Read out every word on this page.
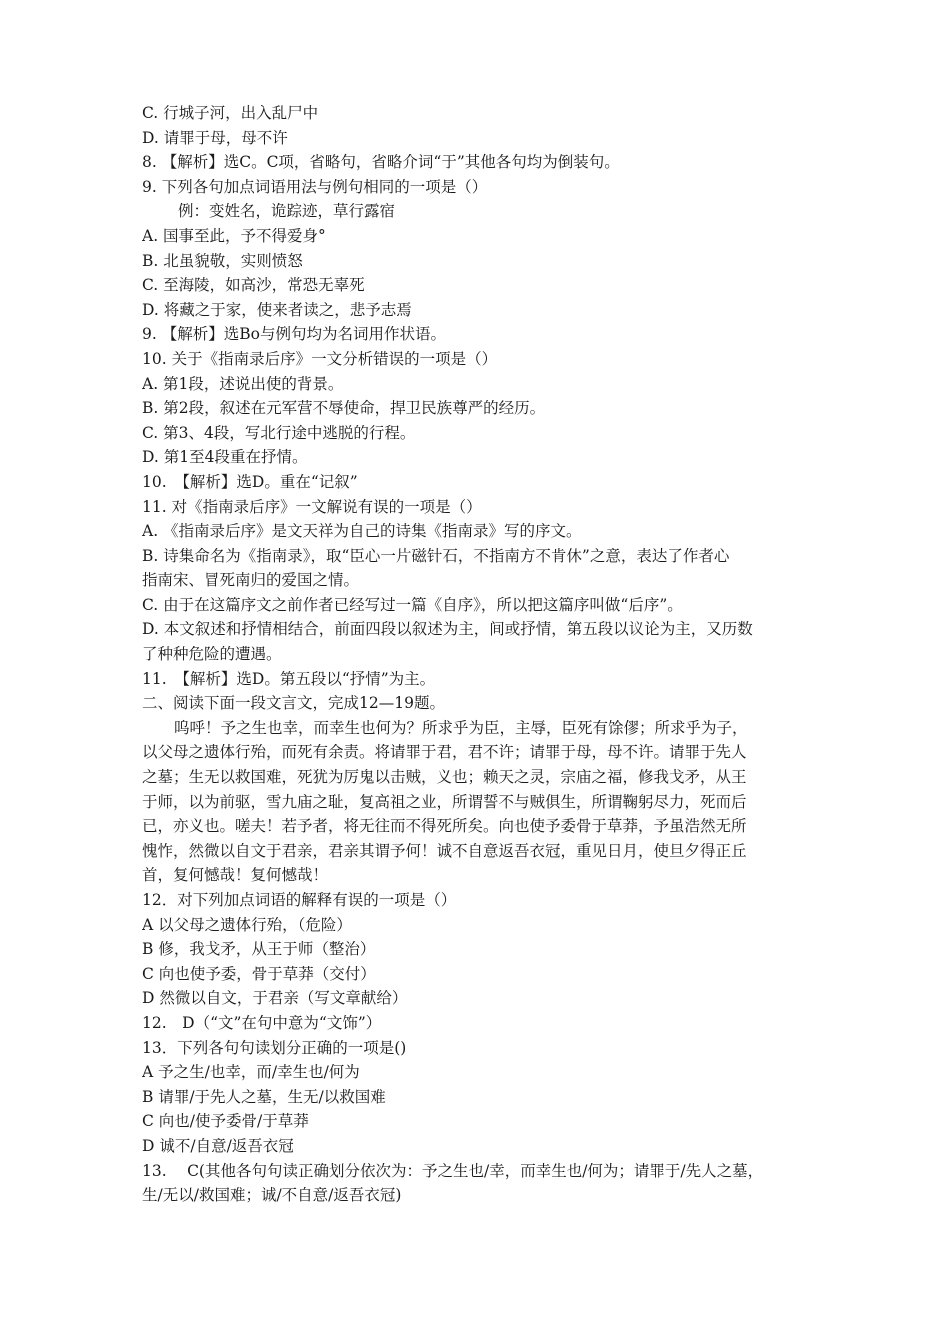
C. 行城子河，出入乱尸中
D. 请罪于母，母不许
8. 【解析】选C。C项，省略句，省略介词“于”其他各句均为倒装句。
9. 下列各句加点词语用法与例句相同的一项是（）
例：变姓名，诡踪迹，草行露宿
A. 国事至此，予不得爱身°
B. 北虽貌敬，实则愤怒
C. 至海陵，如高沙，常恐无辜死
D. 将藏之于家，使来者读之，悲予志焉
9. 【解析】选Bo与例句均为名词用作状语。
10. 关于《指南录后序》一文分析错误的一项是（）
A. 第1段，述说出使的背景。
B. 第2段，叙述在元军营不辱使命，捍卫民族尊严的经历。
C. 第3、4段，写北行途中逃脱的行程。
D. 第1至4段重在抒情。
10.　【解析】选D。重在“记叙”
11. 对《指南录后序》一文解说有误的一项是（）
A. 《指南录后序》是文天祥为自己的诗集《指南录》写的序文。
B. 诗集命名为《指南录》，取“臣心一片磁针石，不指南方不肯休”之意，表达了作者心
指南宋、冒死南归的爱国之情。
C. 由于在这篇序文之前作者已经写过一篇《自序》，所以把这篇序叫做“后序”。
D. 本文叙述和抒情相结合，前面四段以叙述为主，间或抒情，第五段以议论为主，又历数
了种种危险的遭遇。
11.　【解析】选D。第五段以“抒情”为主。
二、阅读下面一段文言文，完成12—19题。
呜呼！予之生也幸，而幸生也何为？所求乎为臣，主辱，臣死有馀僇；所求乎为子，
以父母之遗体行殆，而死有余责。将请罪于君，君不许；请罪于母，母不许。请罪于先人
之墓；生无以救国难，死犹为厉鬼以击贼，义也；赖天之灵，宗庙之福，修我戈矛，从王
于师，以为前驱，雪九庙之耻，复高祖之业，所谓誓不与贼俱生，所谓鞠躬尽力，死而后
已，亦义也。嗟夫！若予者，将无往而不得死所矣。向也使予委骨于草莽，予虽浩然无所
愧怍，然微以自文于君亲，君亲其谓予何！诚不自意返吾衣冠，重见日月，使旦夕得正丘
首，复何憾哉！复何憾哉！
12．对下列加点词语的解释有误的一项是（）
A 以父母之遗体行殆，（危险）
B 修，我戈矛，从王于师（整治）
C 向也使予委，骨于草莽（交付）
D 然微以自文，于君亲（写文章献给）
12.　D（“文”在句中意为“文饰”）
13．下列各句句读划分正确的一项是()
A 予之生/也幸，而/幸生也/何为
B 请罪/于先人之墓，生无/以救国难
C 向也/使予委骨/于草莽
D 诚不/自意/返吾衣冠
13.　 C(其他各句句读正确划分依次为：予之生也/幸，而幸生也/何为；请罪于/先人之墓，
生/无以/救国难；诚/不自意/返吾衣冠)
